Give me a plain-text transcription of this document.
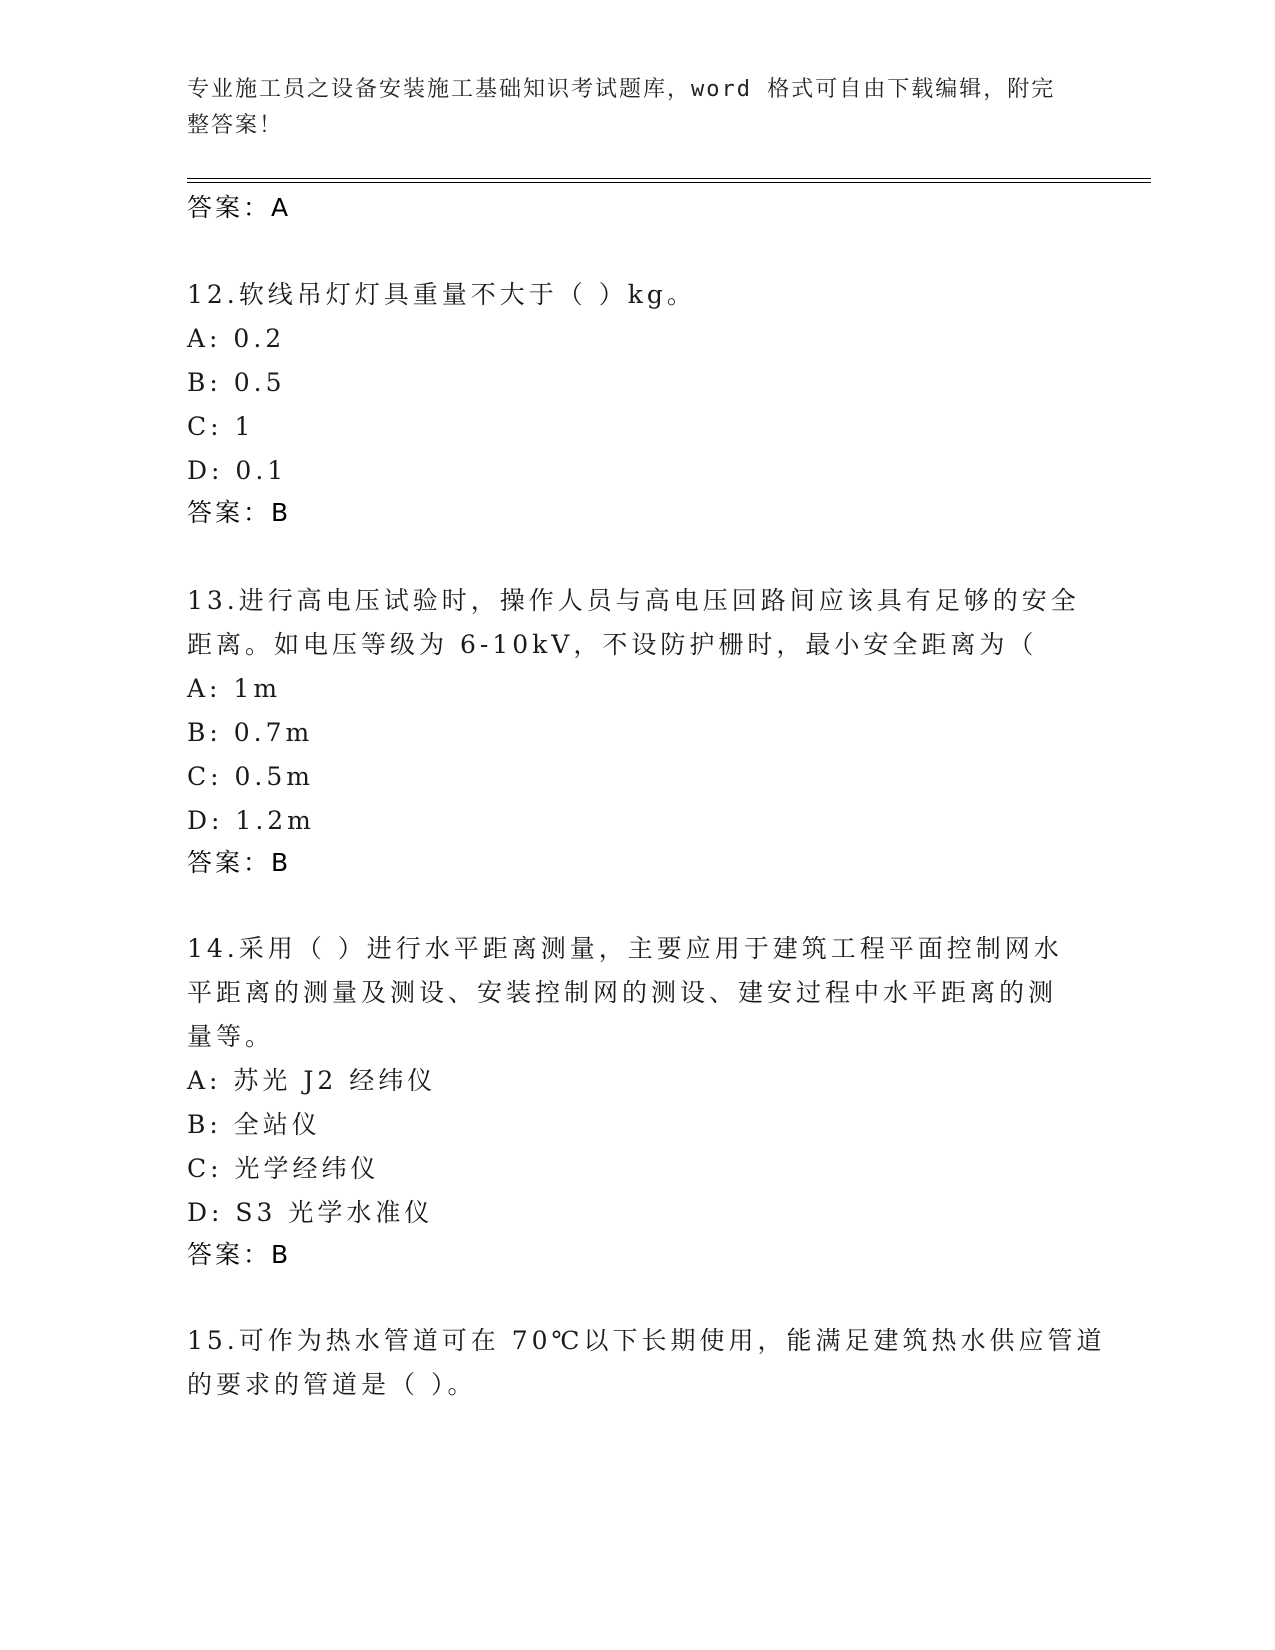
专业施工员之设备安装施工基础知识考试题库，word 格式可自由下载编辑，附完整答案！
答案：A
12.软线吊灯灯具重量不大于（ ）kg。
A: 0.2
B: 0.5
C: 1
D: 0.1
答案：B
13.进行高电压试验时，操作人员与高电压回路间应该具有足够的安全
距离。如电压等级为 6-10kV，不设防护栅时，最小安全距离为（
A: 1m
B: 0.7m
C: 0.5m
D: 1.2m
答案：B
14.采用（ ）进行水平距离测量，主要应用于建筑工程平面控制网水
平距离的测量及测设、安装控制网的测设、建安过程中水平距离的测
量等。
A: 苏光 J2 经纬仪
B: 全站仪
C: 光学经纬仪
D: S3 光学水准仪
答案：B
15.可作为热水管道可在 70℃以下长期使用，能满足建筑热水供应管道
的要求的管道是（ ）。
